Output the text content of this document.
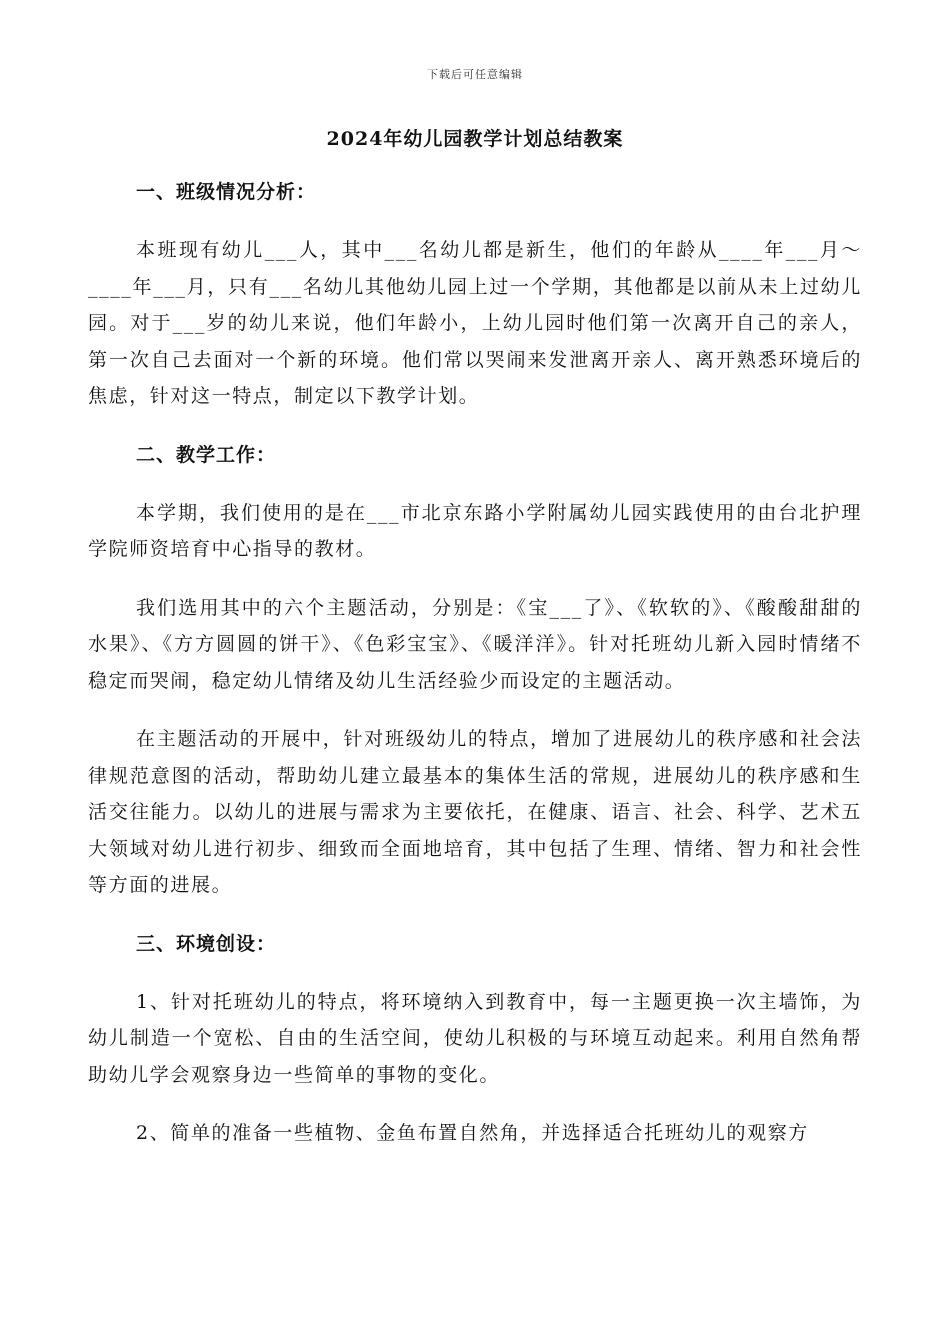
下载后可任意编辑
2024年幼儿园教学计划总结教案
一、班级情况分析：

本班现有幼儿___人，其中___名幼儿都是新生，他们的年龄从____年___月～____年___月，只有___名幼儿其他幼儿园上过一个学期，其他都是以前从未上过幼儿园。对于___岁的幼儿来说，他们年龄小，上幼儿园时他们第一次离开自己的亲人，第一次自己去面对一个新的环境。他们常以哭闹来发泄离开亲人、离开熟悉环境后的焦虑，针对这一特点，制定以下教学计划。

二、教学工作：

本学期，我们使用的是在___市北京东路小学附属幼儿园实践使用的由台北护理学院师资培育中心指导的教材。

我们选用其中的六个主题活动，分别是：《宝___了》、《软软的》、《酸酸甜甜的水果》、《方方圆圆的饼干》、《色彩宝宝》、《暖洋洋》。针对托班幼儿新入园时情绪不稳定而哭闹，稳定幼儿情绪及幼儿生活经验少而设定的主题活动。

在主题活动的开展中，针对班级幼儿的特点，增加了进展幼儿的秩序感和社会法律规范意图的活动，帮助幼儿建立最基本的集体生活的常规，进展幼儿的秩序感和生活交往能力。以幼儿的进展与需求为主要依托，在健康、语言、社会、科学、艺术五大领域对幼儿进行初步、细致而全面地培育，其中包括了生理、情绪、智力和社会性等方面的进展。

三、环境创设：

1、针对托班幼儿的特点，将环境纳入到教育中，每一主题更换一次主墙饰，为幼儿制造一个宽松、自由的生活空间，使幼儿积极的与环境互动起来。利用自然角帮助幼儿学会观察身边一些简单的事物的变化。

2、简单的准备一些植物、金鱼布置自然角，并选择适合托班幼儿的观察方
